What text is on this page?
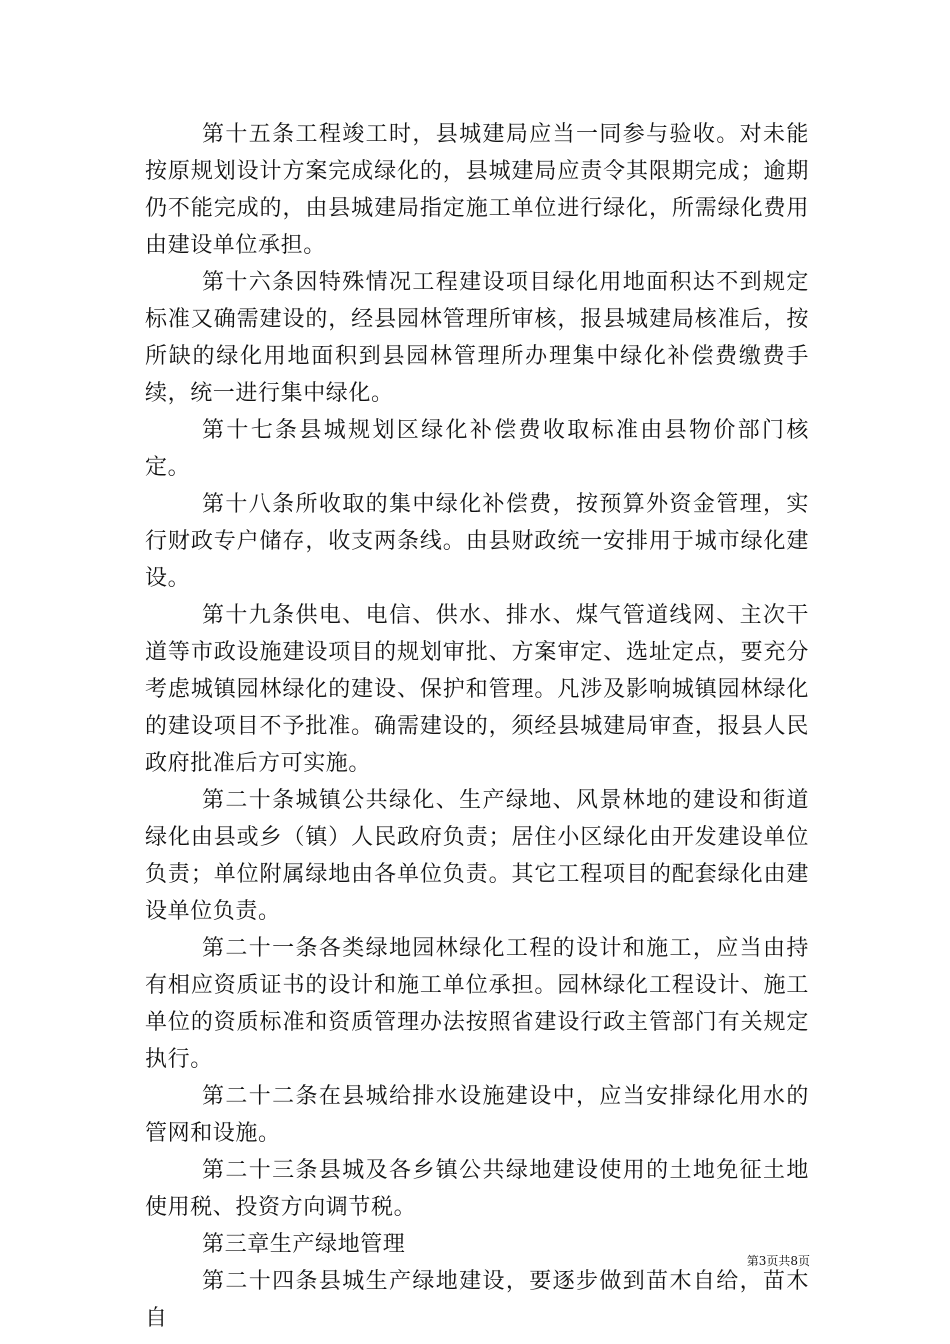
第十五条工程竣工时，县城建局应当一同参与验收。对未能按原规划设计方案完成绿化的，县城建局应责令其限期完成；逾期仍不能完成的，由县城建局指定施工单位进行绿化，所需绿化费用由建设单位承担。

第十六条因特殊情况工程建设项目绿化用地面积达不到规定标准又确需建设的，经县园林管理所审核，报县城建局核准后，按所缺的绿化用地面积到县园林管理所办理集中绿化补偿费缴费手续，统一进行集中绿化。

第十七条县城规划区绿化补偿费收取标准由县物价部门核定。

第十八条所收取的集中绿化补偿费，按预算外资金管理，实行财政专户储存，收支两条线。由县财政统一安排用于城市绿化建设。

第十九条供电、电信、供水、排水、煤气管道线网、主次干道等市政设施建设项目的规划审批、方案审定、选址定点，要充分考虑城镇园林绿化的建设、保护和管理。凡涉及影响城镇园林绿化的建设项目不予批准。确需建设的，须经县城建局审查，报县人民政府批准后方可实施。

第二十条城镇公共绿化、生产绿地、风景林地的建设和街道绿化由县或乡（镇）人民政府负责；居住小区绿化由开发建设单位负责；单位附属绿地由各单位负责。其它工程项目的配套绿化由建设单位负责。

第二十一条各类绿地园林绿化工程的设计和施工，应当由持有相应资质证书的设计和施工单位承担。园林绿化工程设计、施工单位的资质标准和资质管理办法按照省建设行政主管部门有关规定执行。

第二十二条在县城给排水设施建设中，应当安排绿化用水的管网和设施。

第二十三条县城及各乡镇公共绿地建设使用的土地免征土地使用税、投资方向调节税。

第三章生产绿地管理

第二十四条县城生产绿地建设，要逐步做到苗木自给，苗木自

第3页共8页
